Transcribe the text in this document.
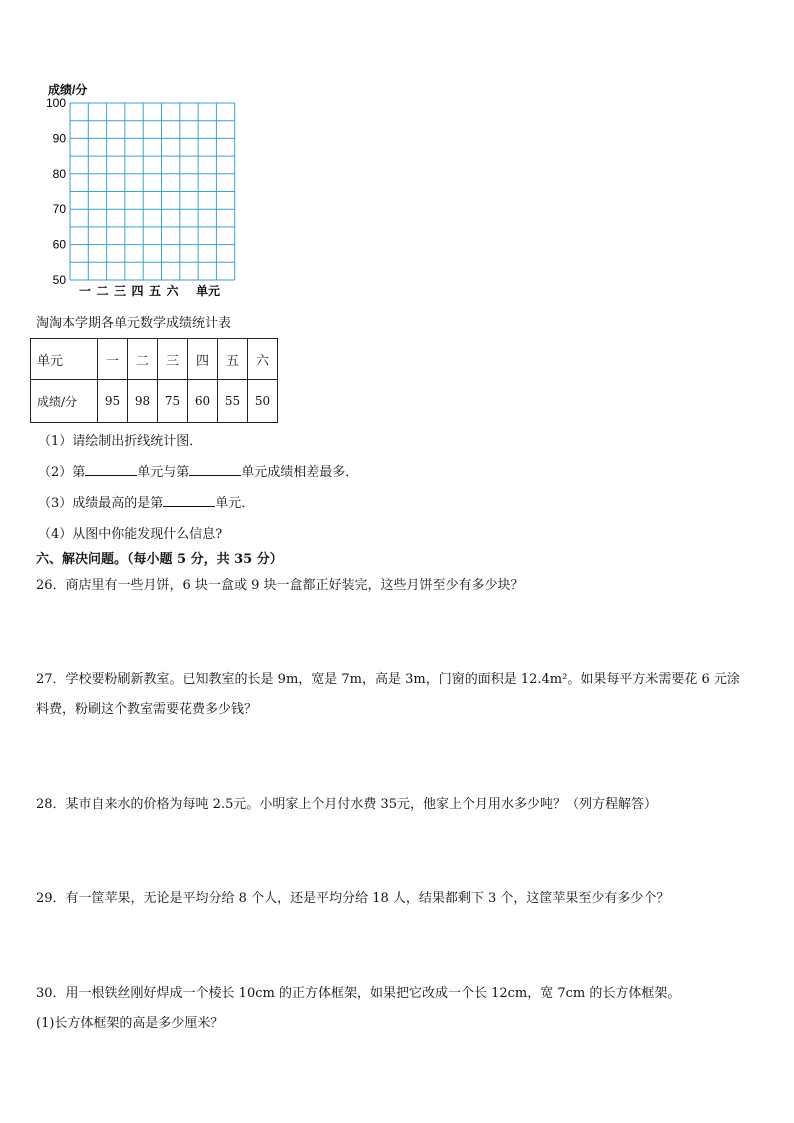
成绩/分
100
90
80
70
60
50
一 二 三 四 五 六 单元
淘淘本学期各单元数学成绩统计表
单元	一	二	三	四	五	六
成绩/分	95	98	75	60	55	50
（1）请绘制出折线统计图．
（2）第	单元与第	单元成绩相差最多．
（3）成绩最高的是第	单元．
（4）从图中你能发现什么信息?
六、解决问题。（每小题 5 分，共 35 分）
26．商店里有一些月饼，6 块一盒或 9 块一盒都正好装完，这些月饼至少有多少块？
27．学校要粉刷新教室。已知教室的长是 9m，宽是 7m，高是 3m，门窗的面积是 12.4m²。如果每平方米需要花 6 元涂
料费，粉刷这个教室需要花费多少钱？
28．某市自来水的价格为每吨 2.5元。小明家上个月付水费 35元，他家上个月用水多少吨？（列方程解答）
29．有一筐苹果，无论是平均分给 8 个人，还是平均分给 18 人，结果都剩下 3 个，这筐苹果至少有多少个？
30．用一根铁丝刚好焊成一个棱长 10cm 的正方体框架，如果把它改成一个长 12cm，宽 7cm 的长方体框架。
(1)长方体框架的高是多少厘米？
